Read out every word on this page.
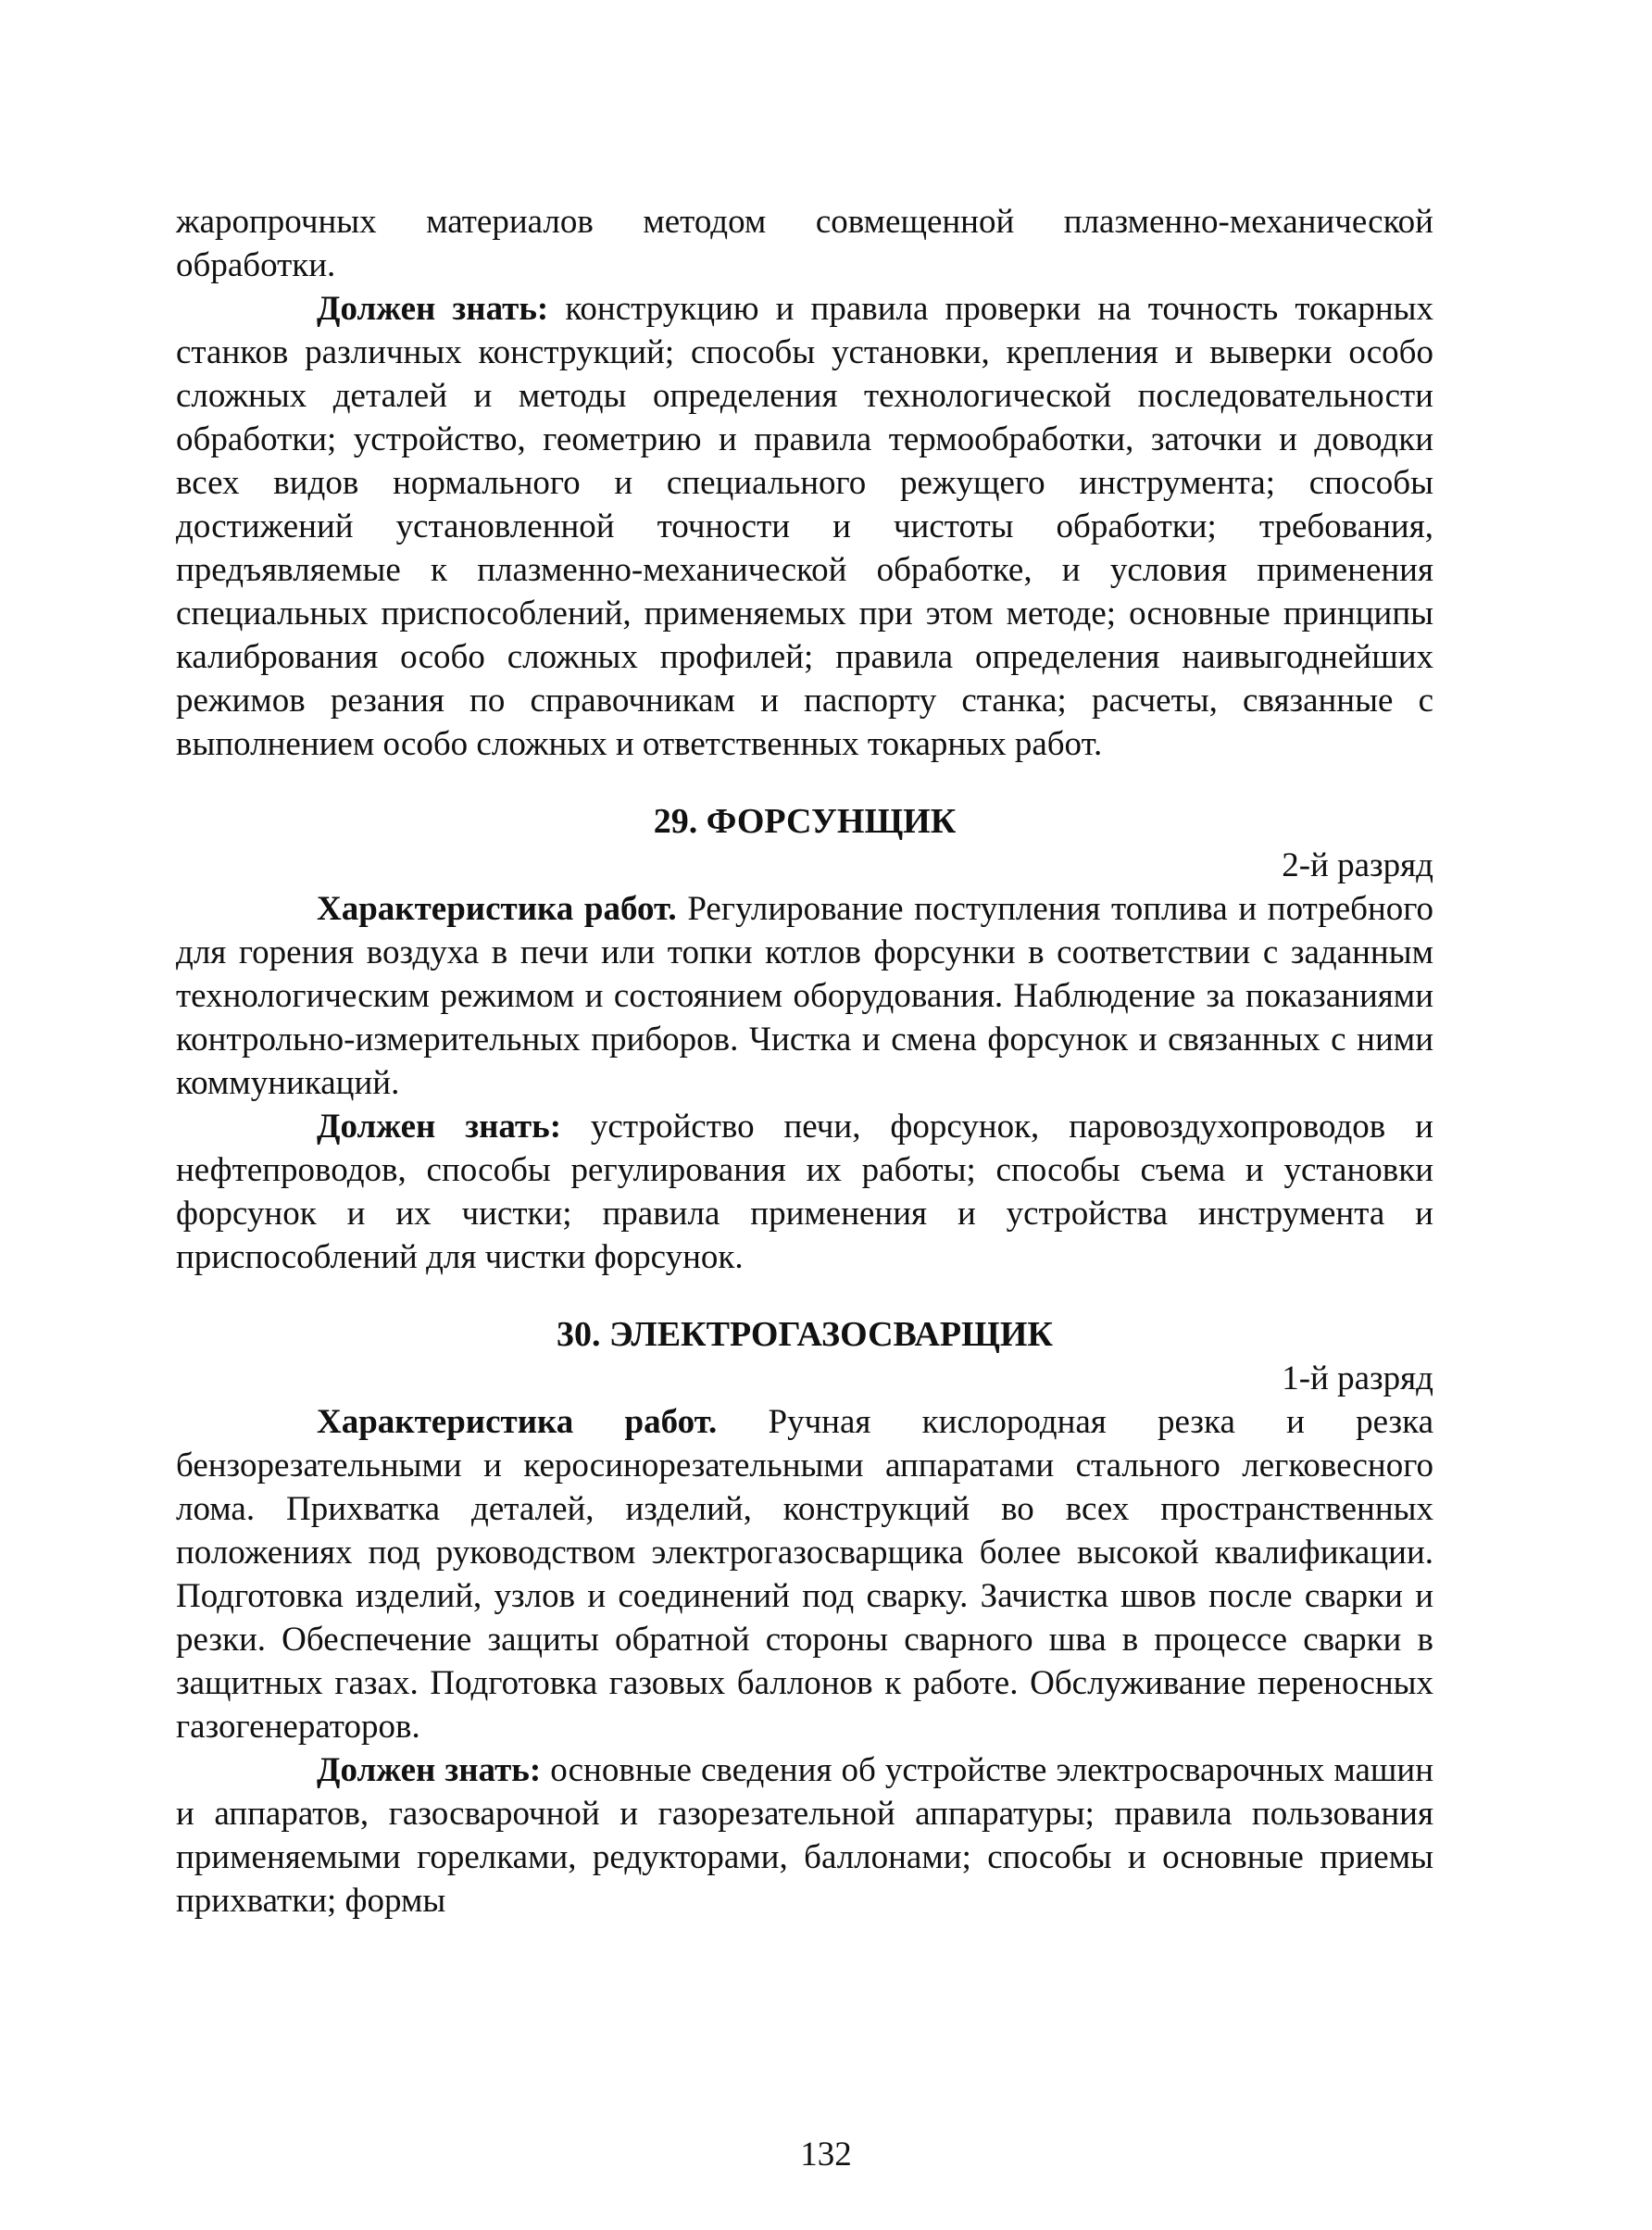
жаропрочных материалов методом совмещенной плазменно-механической обработки.

Должен знать: конструкцию и правила проверки на точность токарных станков различных конструкций; способы установки, крепления и выверки особо сложных деталей и методы определения технологической последовательности обработки; устройство, геометрию и правила термообработки, заточки и доводки всех видов нормального и специального режущего инструмента; способы достижений установленной точности и чистоты обработки; требования, предъявляемые к плазменно-механической обработке, и условия применения специальных приспособлений, применяемых при этом методе; основные принципы калибрования особо сложных профилей; правила определения наивыгоднейших режимов резания по справочникам и паспорту станка; расчеты, связанные с выполнением особо сложных и ответственных токарных работ.

29. ФОРСУНЩИК

2-й разряд

Характеристика работ. Регулирование поступления топлива и потребного для горения воздуха в печи или топки котлов форсунки в соответствии с заданным технологическим режимом и состоянием оборудования. Наблюдение за показаниями контрольно-измерительных приборов. Чистка и смена форсунок и связанных с ними коммуникаций.

Должен знать: устройство печи, форсунок, паровоздухопроводов и нефтепроводов, способы регулирования их работы; способы съема и установки форсунок и их чистки; правила применения и устройства инструмента и приспособлений для чистки форсунок.

30. ЭЛЕКТРОГАЗОСВАРЩИК

1-й разряд

Характеристика работ. Ручная кислородная резка и резка бензорезательными и керосинорезательными аппаратами стального легковесного лома. Прихватка деталей, изделий, конструкций во всех пространственных положениях под руководством электрогазосварщика более высокой квалификации. Подготовка изделий, узлов и соединений под сварку. Зачистка швов после сварки и резки. Обеспечение защиты обратной стороны сварного шва в процессе сварки в защитных газах. Подготовка газовых баллонов к работе. Обслуживание переносных газогенераторов.

Должен знать: основные сведения об устройстве электросварочных машин и аппаратов, газосварочной и газорезательной аппаратуры; правила пользования применяемыми горелками, редукторами, баллонами; способы и основные приемы прихватки; формы

132
